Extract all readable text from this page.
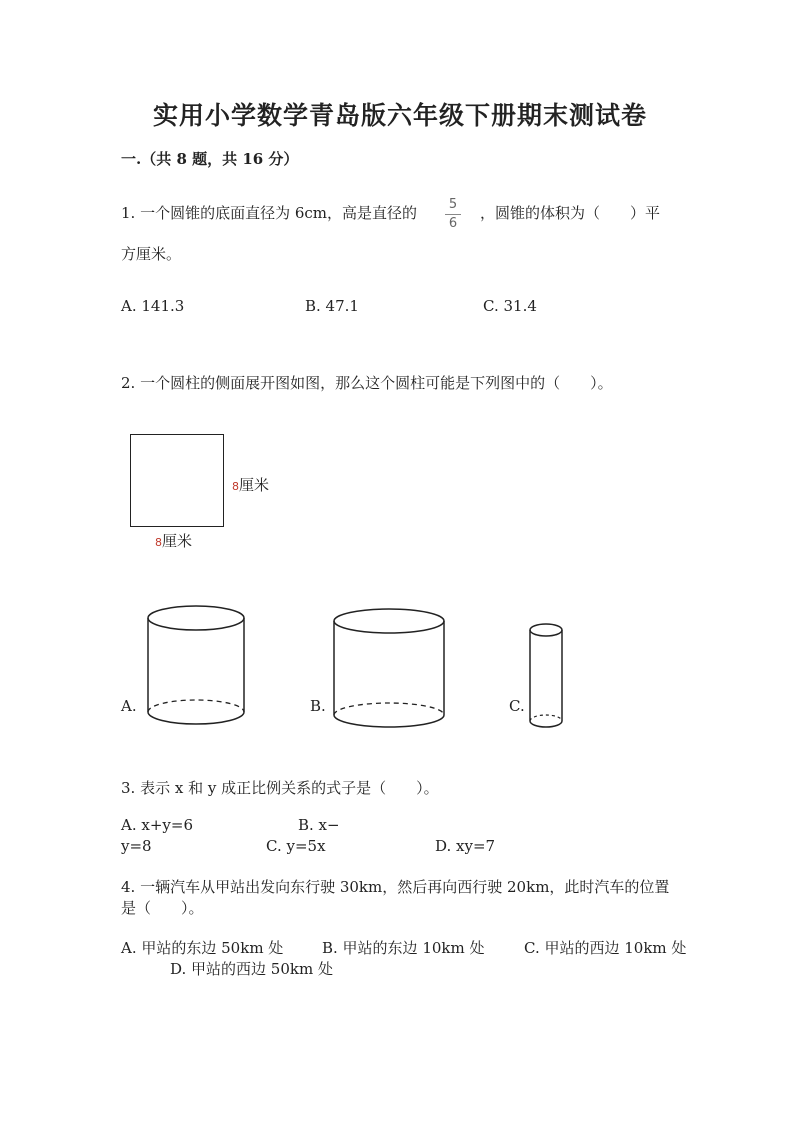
实用小学数学青岛版六年级下册期末测试卷
一.（共 8 题，共 16 分）
1. 一个圆锥的底面直径为 6cm，高是直径的 5
6
，圆锥的体积为（　　）平
方厘米。
A. 141.3	B. 47.1	C. 31.4
2. 一个圆柱的侧面展开图如图，那么这个圆柱可能是下列图中的（　　）。
8厘米
8厘米
A.	B.	C.
3. 表示 x 和 y 成正比例关系的式子是（　　）。
A. x+y=6	B. x−
y=8	C. y=5x	D. xy=7
4. 一辆汽车从甲站出发向东行驶 30km，然后再向西行驶 20km，此时汽车的位置
是（　　）。
A. 甲站的东边 50km 处	B. 甲站的东边 10km 处	C. 甲站的西边 10km 处
D. 甲站的西边 50km 处
